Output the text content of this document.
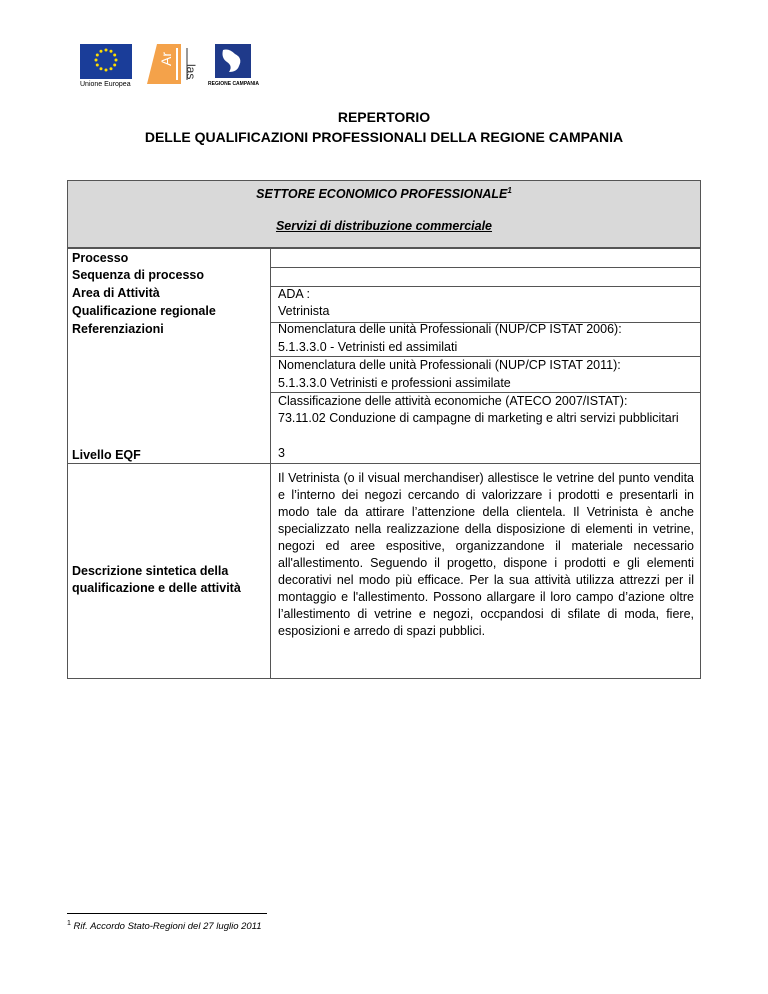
Unione Europea
Ar
las
REGIONE CAMPANIA
REPERTORIO
DELLE QUALIFICAZIONI PROFESSIONALI DELLA REGIONE CAMPANIA
SETTORE ECONOMICO PROFESSIONALE$^1$
Servizi di distribuzione commerciale
Processo
Sequenza di processo
Area di Attività
Qualificazione regionale
Referenziazioni
Livello EQF
Descrizione sintetica della
qualificazione e delle attività
ADA :
Vetrinista
Nomenclatura delle unità Professionali (NUP/CP ISTAT 2006):
5.1.3.3.0 - Vetrinisti ed assimilati
Nomenclatura delle unità Professionali (NUP/CP ISTAT 2011):
5.1.3.3.0 Vetrinisti e professioni assimilate
Classificazione delle attività economiche (ATECO 2007/ISTAT):
73.11.02 Conduzione di campagne di marketing e altri servizi pubblicitari
3
Il Vetrinista (o il visual merchandiser) allestisce le vetrine del punto vendita e l’interno dei negozi cercando di valorizzare i prodotti e presentarli in modo tale da attirare l’attenzione della clientela. Il Vetrinista è anche specializzato nella realizzazione della disposizione di elementi in vetrine, negozi ed aree espositive, organizzandone il materiale necessario all'allestimento. Seguendo il progetto, dispone i prodotti e gli elementi decorativi nel modo più efficace. Per la sua attività utilizza attrezzi per il montaggio e l'allestimento. Possono allargare il loro campo d’azione oltre l’allestimento di vetrine e negozi, occpandosi di sfilate di moda, fiere, esposizioni e arredo di spazi pubblici.
$^1$ Rif. Accordo Stato-Regioni del 27 luglio 2011
